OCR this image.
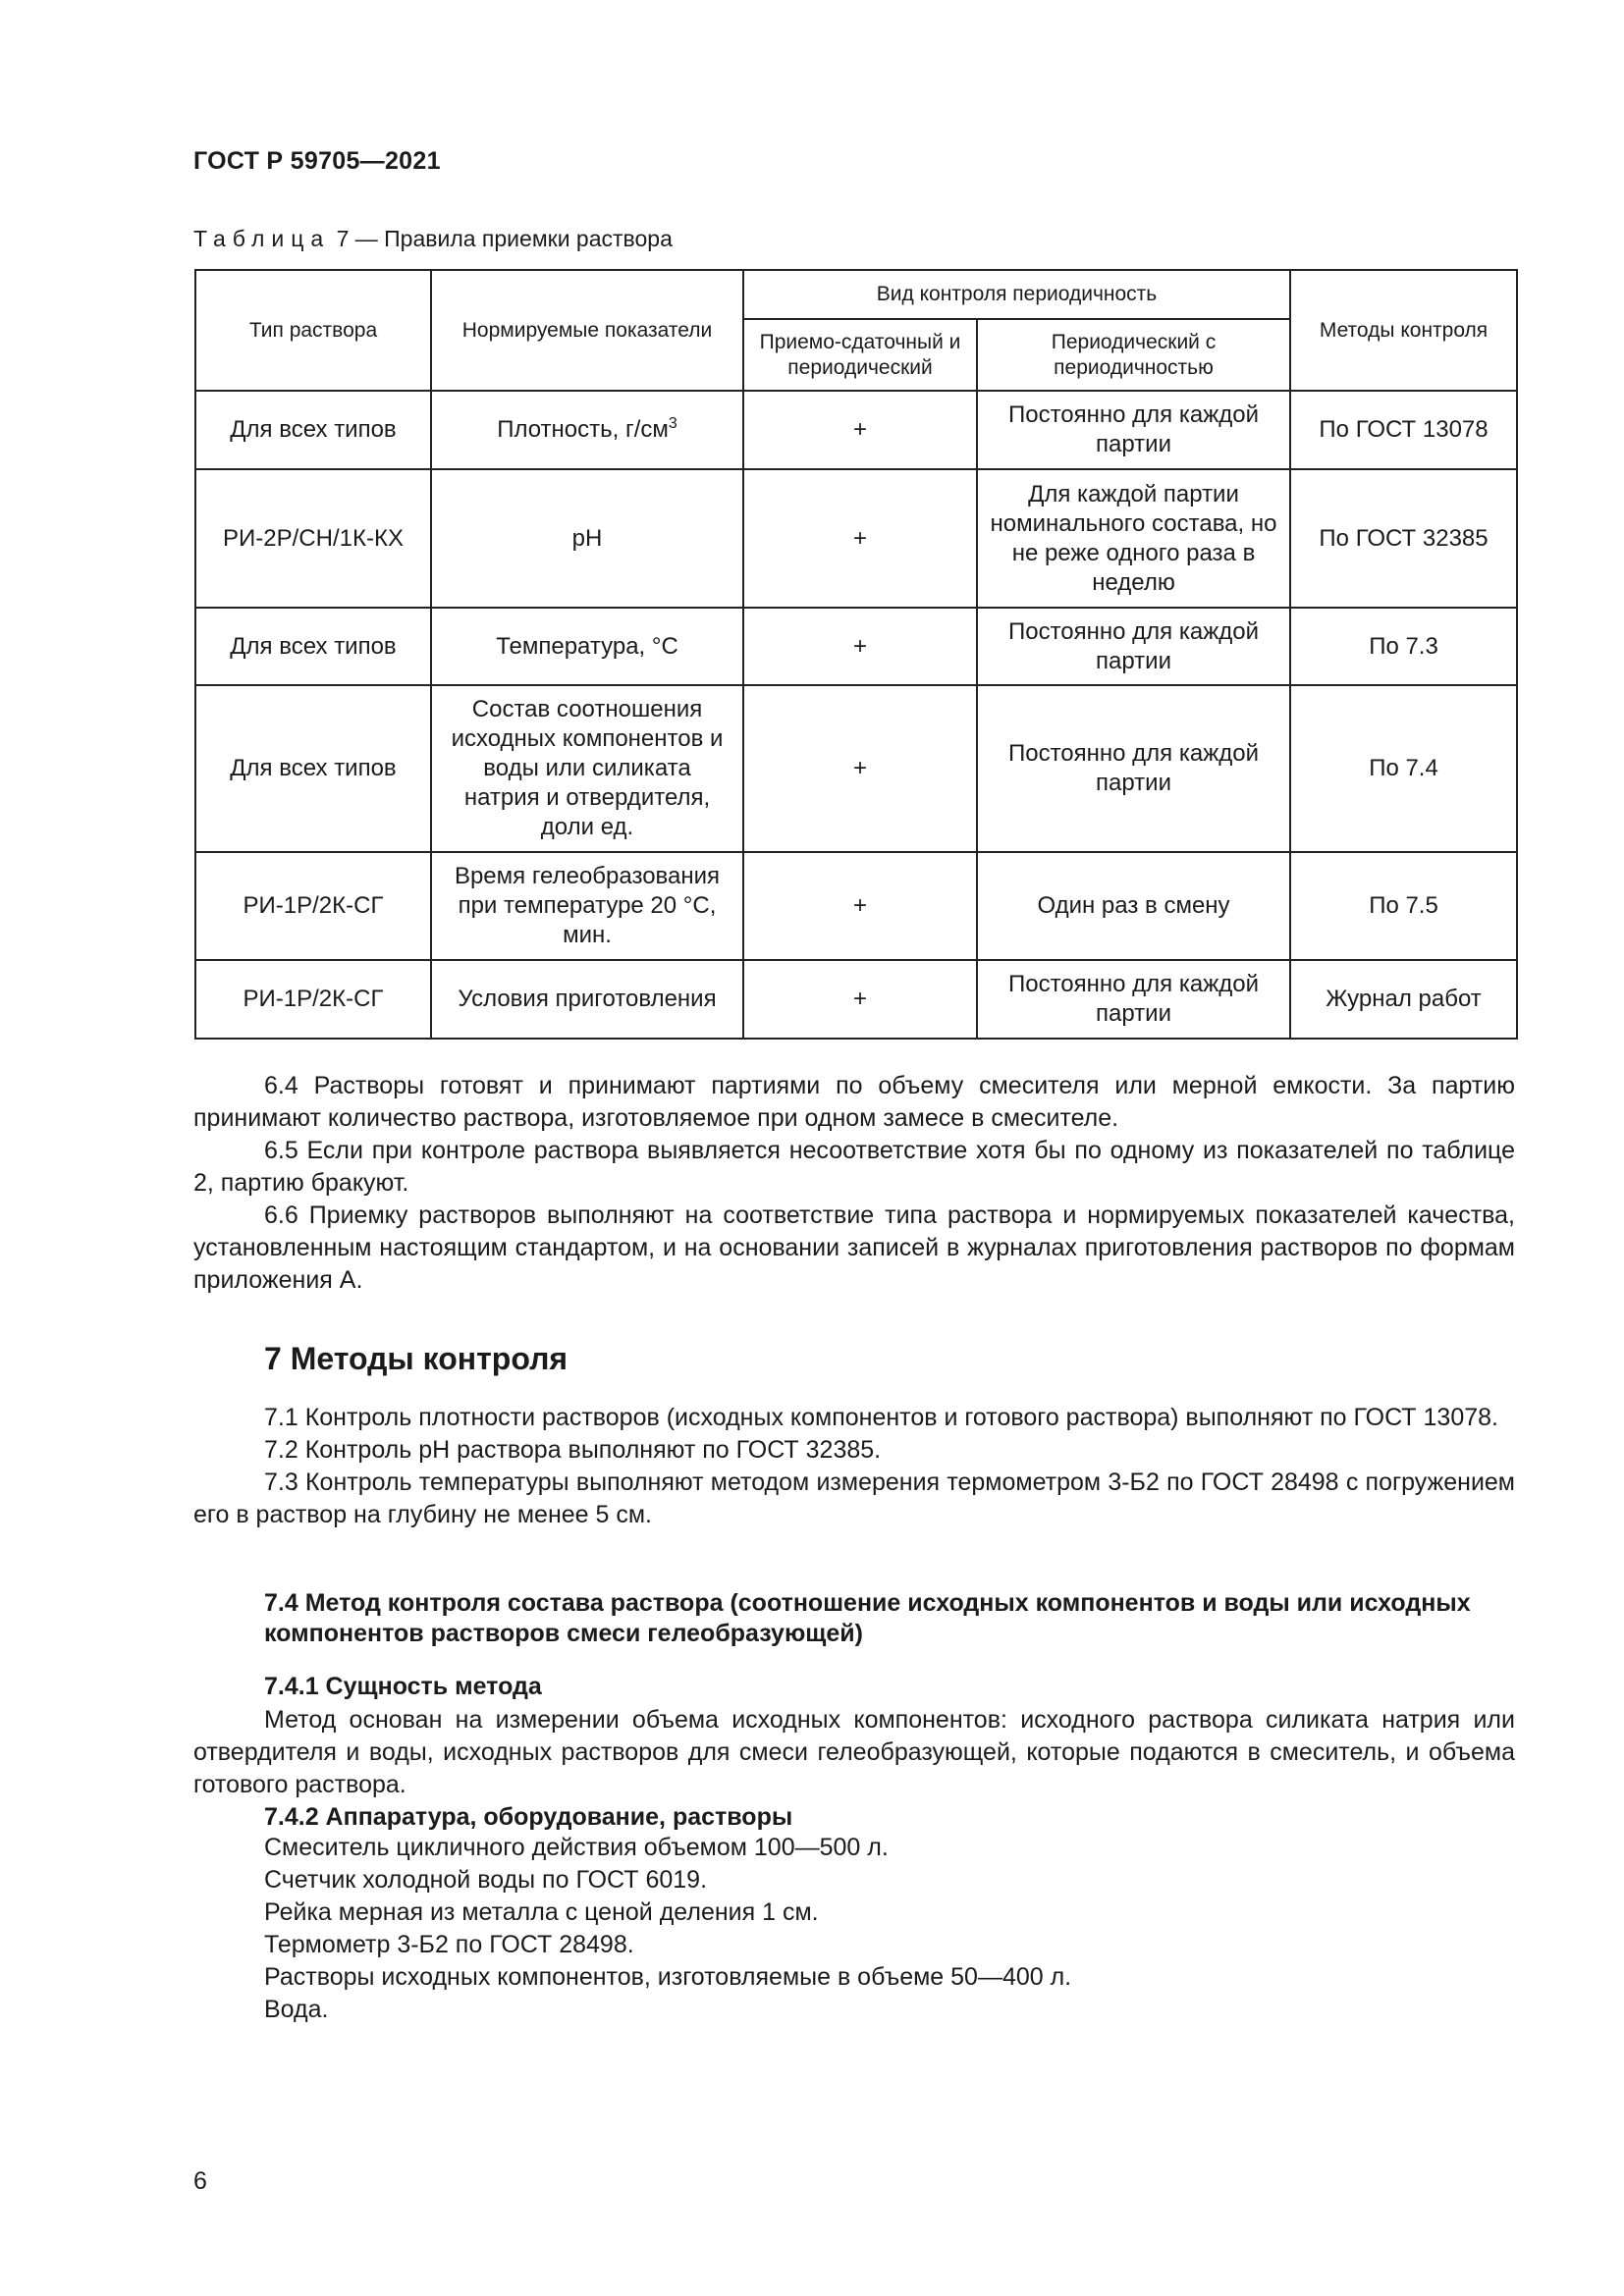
ГОСТ Р 59705—2021
Таблица 7 — Правила приемки раствора
Тип раствора	Нормируемые показатели	Вид контроля периодичность		Методы контроля
		Приемо-сдаточный и периодический	Периодический с периодичностью	
Для всех типов	Плотность, $г/см^3$	+	Постоянно для каждой партии	По ГОСТ 13078
РИ-2Р/СН/1К-КХ	pH	+	Для каждой партии номинального состава, но не реже одного раза в неделю	По ГОСТ 32385
Для всех типов	Температура, °С	+	Постоянно для каждой партии	По 7.3
Для всех типов	Состав соотношения исходных компонентов и воды или силиката натрия и отвердителя, доли ед.	+	Постоянно для каждой партии	По 7.4
РИ-1Р/2К-СГ	Время гелеобразования при температуре 20 °С, мин.	+	Один раз в смену	По 7.5
РИ-1Р/2К-СГ	Условия приготовления	+	Постоянно для каждой партии	Журнал работ

6.4 Растворы готовят и принимают партиями по объему смесителя или мерной емкости. За партию принимают количество раствора, изготовляемое при одном замесе в смесителе.

6.5 Если при контроле раствора выявляется несоответствие хотя бы по одному из показателей по таблице 2, партию бракуют.

6.6 Приемку растворов выполняют на соответствие типа раствора и нормируемых показателей качества, установленным настоящим стандартом, и на основании записей в журналах приготовления растворов по формам приложения А.

7 Методы контроля

7.1 Контроль плотности растворов (исходных компонентов и готового раствора) выполняют по ГОСТ 13078.

7.2 Контроль pH раствора выполняют по ГОСТ 32385.

7.3 Контроль температуры выполняют методом измерения термометром 3-Б2 по ГОСТ 28498 с погружением его в раствор на глубину не менее 5 см.

7.4 Метод контроля состава раствора (соотношение исходных компонентов и воды или исходных компонентов растворов смеси гелеобразующей)
7.4.1 Сущность метода

Метод основан на измерении объема исходных компонентов: исходного раствора силиката натрия или отвердителя и воды, исходных растворов для смеси гелеобразующей, которые подаются в смеситель, и объема готового раствора.

7.4.2 Аппаратура, оборудование, растворы

Смеситель цикличного действия объемом 100—500 л.

Счетчик холодной воды по ГОСТ 6019.

Рейка мерная из металла с ценой деления 1 см.

Термометр 3-Б2 по ГОСТ 28498.

Растворы исходных компонентов, изготовляемые в объеме 50—400 л.

Вода.

6
